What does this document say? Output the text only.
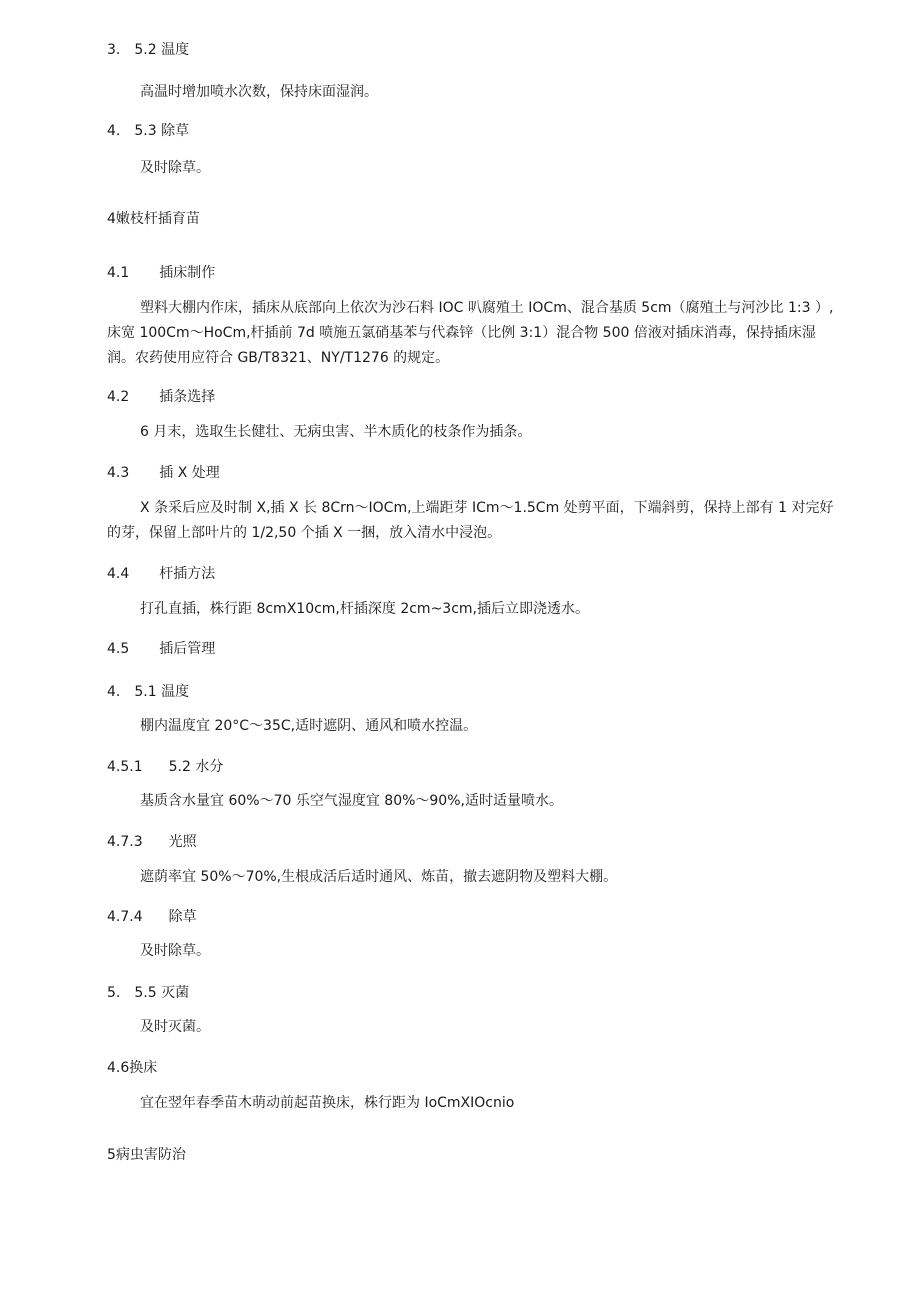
3. 5.2 温度
高温时增加喷水次数，保持床面湿润。
4. 5.3 除草
及时除草。
4嫩枝杆插育苗
4.1 插床制作
塑料大棚内作床，插床从底部向上依次为沙石料 IOC 叭腐殖土 IOCm、混合基质 5cm（腐殖土与河沙比 1:3 ）,床宽 100Cm～HoCm,杆插前 7d 喷施五氯硝基苯与代森锌（比例 3:1）混合物 500 倍液对插床消毒，保持插床湿润。农药使用应符合 GB/T8321、NY/T1276 的规定。
4.2 插条选择
6 月末，选取生长健壮、无病虫害、半木质化的枝条作为插条。
4.3 插 X 处理
X 条采后应及时制 X,插 X 长 8Crn～IOCm,上端距芽 ICm～1.5Cm 处剪平面，下端斜剪，保持上部有 1 对完好的芽，保留上部叶片的 1/2,50 个插 X 一捆，放入清水中浸泡。
4.4 杆插方法
打孔直插，株行距 8cmX10cm,杆插深度 2cm~3cm,插后立即浇透水。
4.5 插后管理
4. 5.1 温度
棚内温度宜 20°C～35C,适时遮阴、通风和喷水控温。
4.5.1 5.2 水分
基质含水量宜 60%～70 乐空气湿度宜 80%～90%,适时适量喷水。
4.7.3 光照
遮荫率宜 50%～70%,生根成活后适时通风、炼苗，撤去遮阴物及塑料大棚。
4.7.4 除草
及时除草。
5. 5.5 灭菌
及时灭菌。
4.6换床
宜在翌年春季苗木萌动前起苗换床，株行距为 IoCmXIOcnio
5病虫害防治
